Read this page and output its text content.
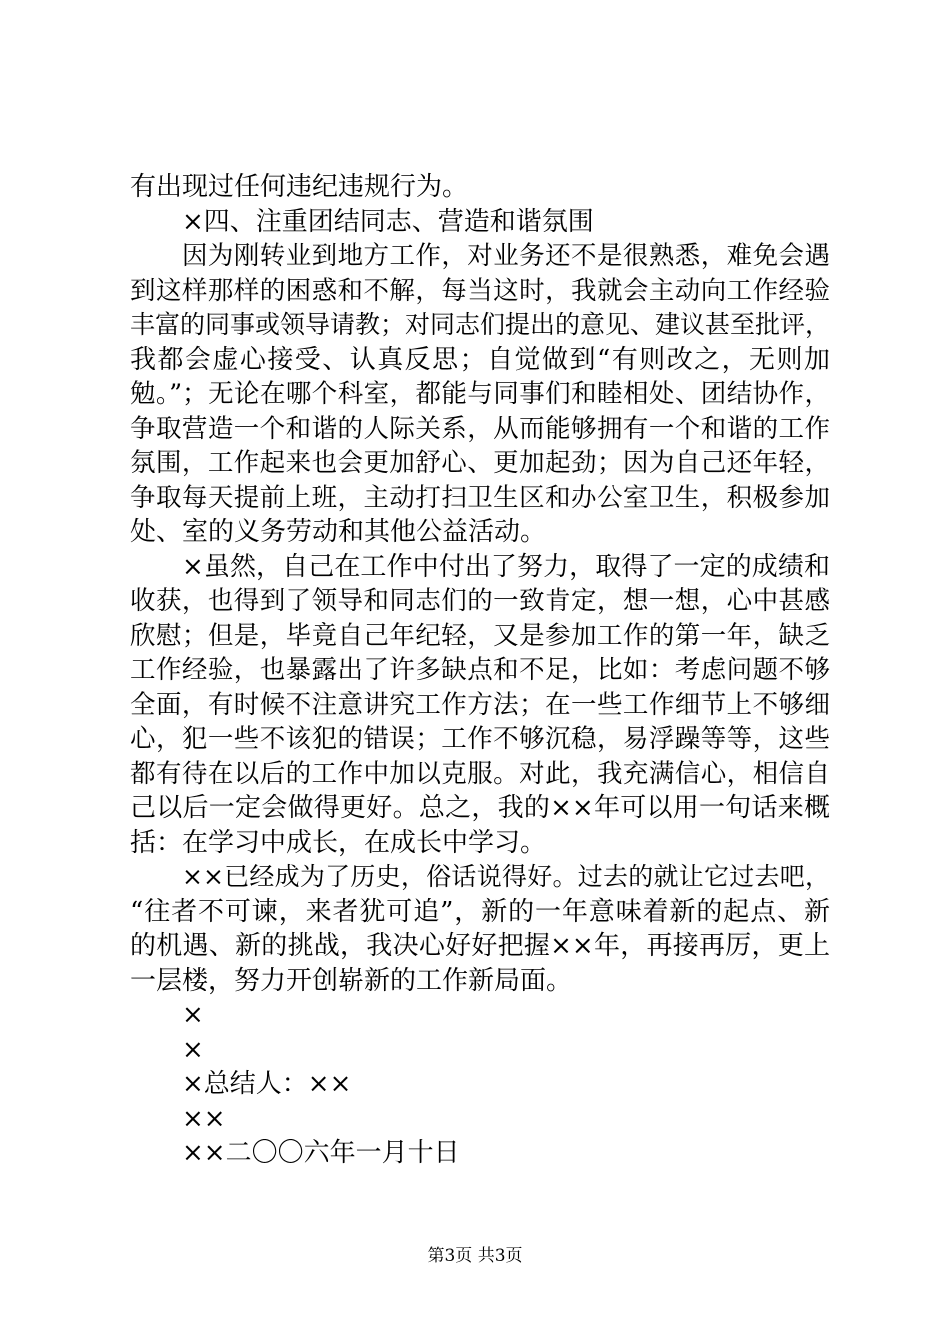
有出现过任何违纪违规行为。
×四、注重团结同志、营造和谐氛围
因为刚转业到地方工作，对业务还不是很熟悉，难免会遇
到这样那样的困惑和不解，每当这时，我就会主动向工作经验
丰富的同事或领导请教；对同志们提出的意见、建议甚至批评，
我都会虚心接受、认真反思；自觉做到“有则改之，无则加
勉。”；无论在哪个科室，都能与同事们和睦相处、团结协作，
争取营造一个和谐的人际关系，从而能够拥有一个和谐的工作
氛围，工作起来也会更加舒心、更加起劲；因为自己还年轻，
争取每天提前上班，主动打扫卫生区和办公室卫生，积极参加
处、室的义务劳动和其他公益活动。
×虽然，自己在工作中付出了努力，取得了一定的成绩和
收获，也得到了领导和同志们的一致肯定，想一想，心中甚感
欣慰；但是，毕竟自己年纪轻，又是参加工作的第一年，缺乏
工作经验，也暴露出了许多缺点和不足，比如：考虑问题不够
全面，有时候不注意讲究工作方法；在一些工作细节上不够细
心，犯一些不该犯的错误；工作不够沉稳，易浮躁等等，这些
都有待在以后的工作中加以克服。对此，我充满信心，相信自
己以后一定会做得更好。总之，我的××年可以用一句话来概
括：在学习中成长，在成长中学习。
××已经成为了历史，俗话说得好。过去的就让它过去吧，
“往者不可谏，来者犹可追”，新的一年意味着新的起点、新
的机遇、新的挑战，我决心好好把握××年，再接再厉，更上
一层楼，努力开创崭新的工作新局面。
×
×
×总结人：××
××
××二〇〇六年一月十日
第3页 共3页
